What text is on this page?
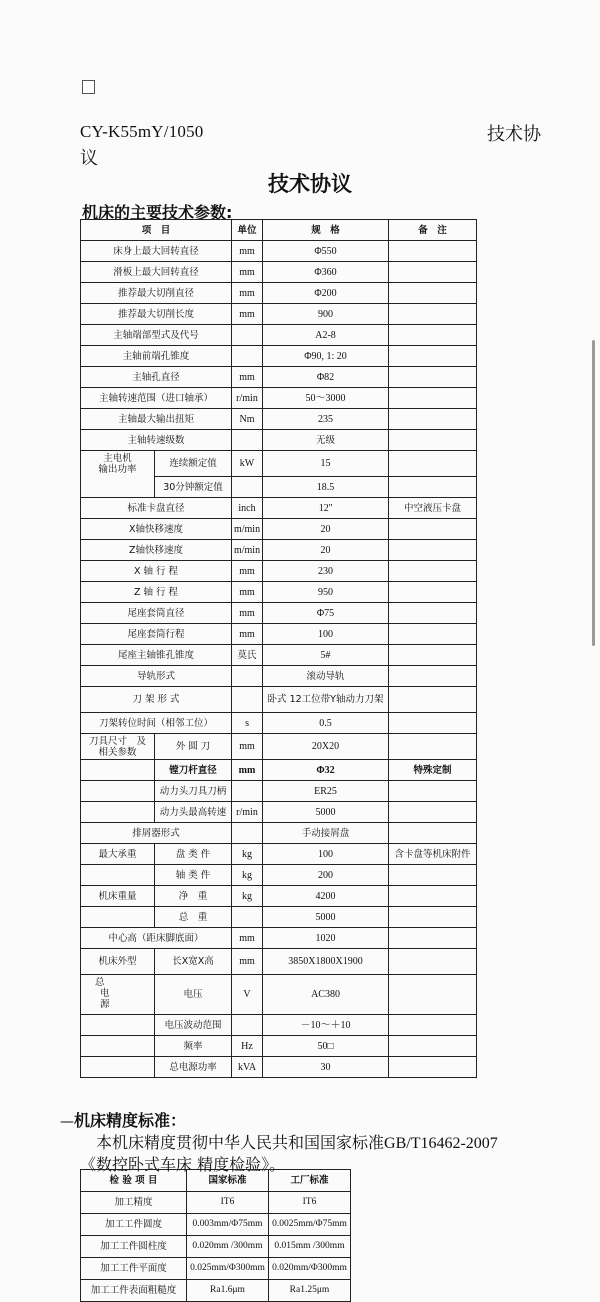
CY-K55mY/1050	技术协
议
技术协议
机床的主要技术参数:
项　目		单位	规　格	备　注
床身上最大回转直径		mm	Φ550	
滑板上最大回转直径		mm	Φ360	
推荐最大切削直径		mm	Φ200	
推荐最大切削长度		mm	900	
主轴端部型式及代号			A2-8	
主轴前端孔锥度			Φ90, 1: 20	
主轴孔直径		mm	Φ82	
主轴转速范围（进口轴承）		r/min	50～3000	
主轴最大输出扭矩		Nm	235	
主轴转速级数			无级	

主电机
输出功率	连续额定值	kW	15	
	30分钟额定值		18.5	
标准卡盘直径		inch	12''	中空液压卡盘
X轴快移速度		m/min	20	
Z轴快移速度		m/min	20	
X 轴 行 程		mm	230	
Z 轴 行 程		mm	950	
尾座套筒直径		mm	Φ75	
尾座套筒行程		mm	100	
尾座主轴锥孔锥度		莫氏	5#	
导轨形式			滚动导轨	
刀 架 形 式			卧式 12工位带Y轴动力刀架	
刀架转位时间（相邻工位）		s	0.5	

刀具尺寸　及
相关参数	外 圆 刀	mm	20X20	
	镗刀杆直径	mm	Φ32	特殊定制
	动力头刀具刀柄		ER25	
	动力头最高转速	r/min	5000	
排屑器形式			手动接屑盘	
最大承重	盘 类 件	kg	100	含卡盘等机床附件
	轴 类 件	kg	200	
机床重量	净　重	kg	4200	
	总　重		5000	
中心高（距床脚底面）		mm	1020	
机床外型	长X宽X高	mm	3850X1800X1900	

总
电
源	电压	V	AC380	
	电压波动范围		－10～＋10	
	频率	Hz	50□	
	总电源功率	kVA	30	
—机床精度标准：
本机床精度贯彻中华人民共和国国家标准GB/T16462-2007
《数控卧式车床 精度检验》。
检 验 项 目	国家标准	工厂标准
加工精度	IT6	IT6
加工工件圆度	0.003mm/Φ75mm	0.0025mm/Φ75mm
加工工件圆柱度	0.020mm /300mm	0.015mm /300mm
加工工件平面度	0.025mm/Φ300mm	0.020mm/Φ300mm
加工工件表面粗糙度	Ra1.6μm	Ra1.25μm
